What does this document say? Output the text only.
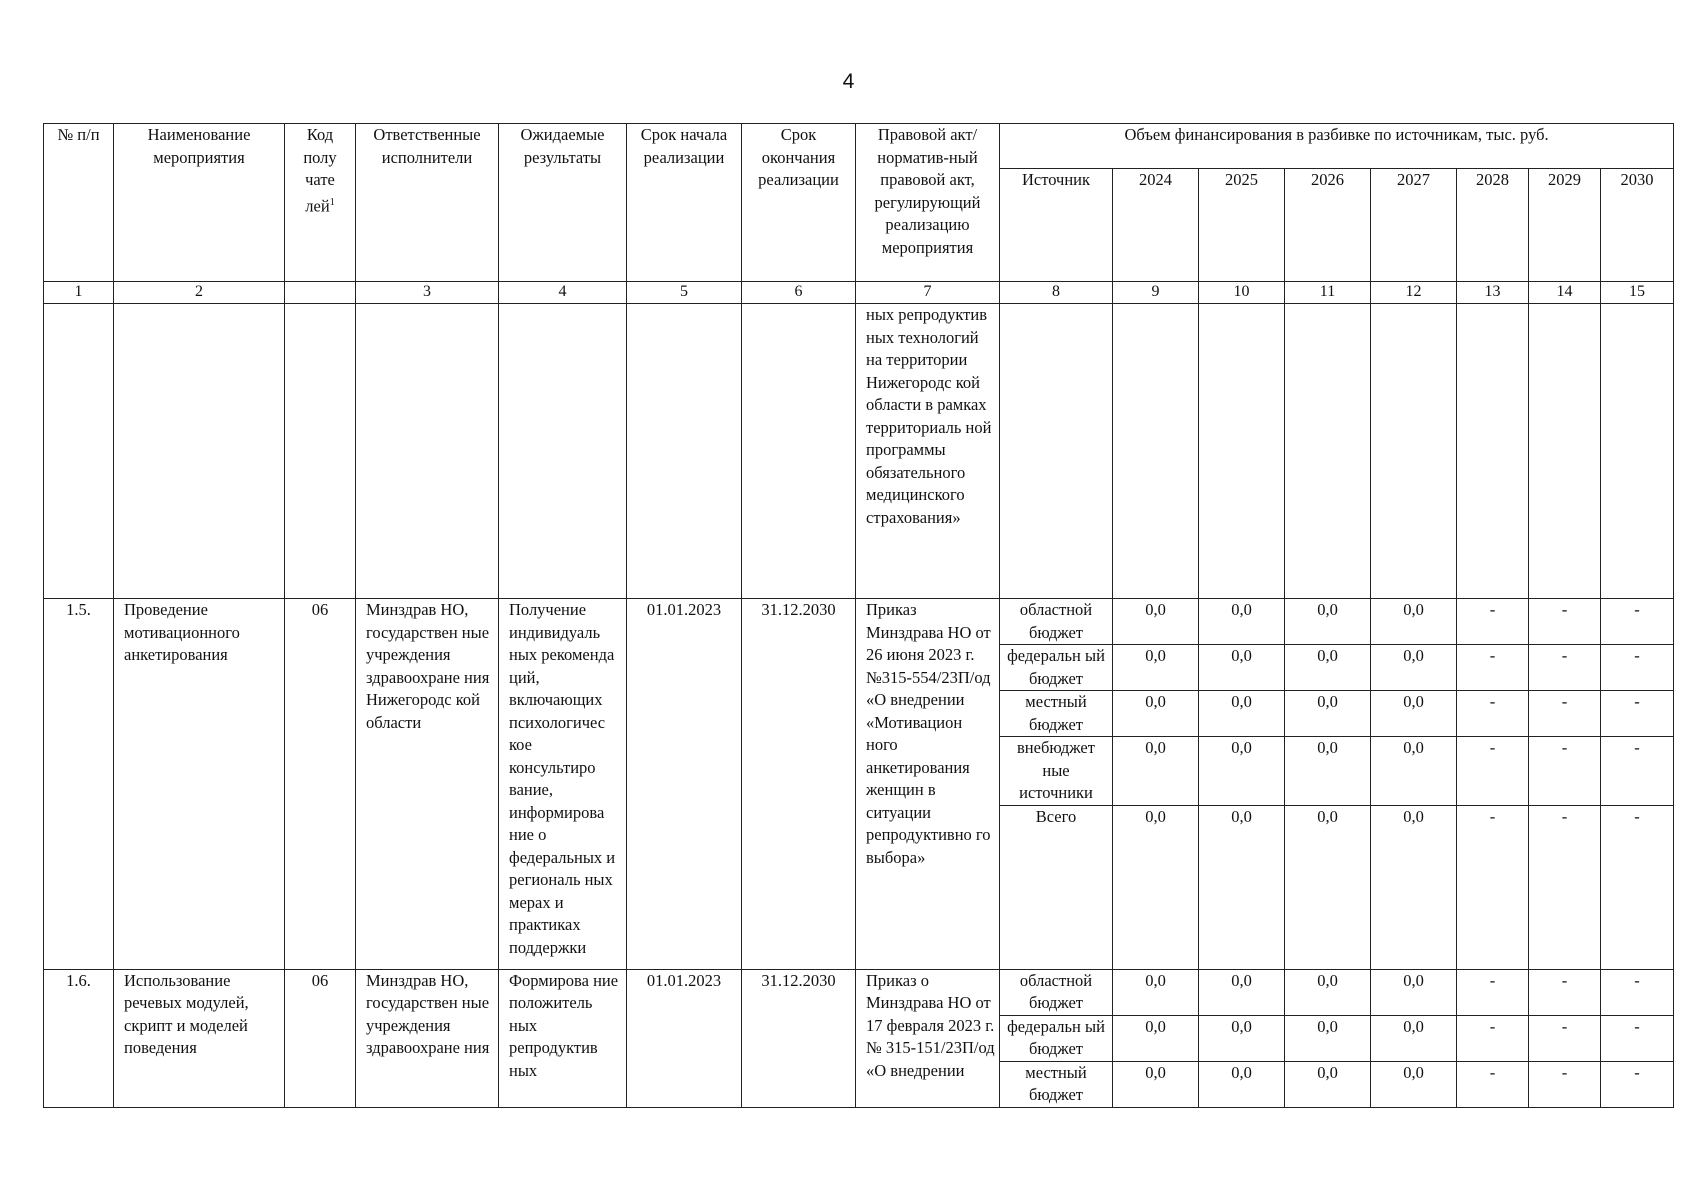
4
№ п/п	Наименование мероприятия	Код полу чате лей$^1$	Ответственные исполнители	Ожидаемые результаты	Срок начала реализации	Срок окончания реализации	Правовой акт/норматив-ный правовой акт, регулирующий реализацию мероприятия	Объем финансирования в разбивке по источникам, тыс. руб.							
								Источник	2024	2025	2026	2027	2028	2029	2030
1	2		3	4	5	6	7	8	9	10	11	12	13	14	15
							ных репродуктив ных технологий на территории Нижегородс кой области в рамках территориаль ной программы обязательного медицинского страхования»								
1.5.	Проведение мотивационного анкетирования	06	Минздрав НО, государствен ные учреждения здравоохране ния Нижегородс кой области	Получение индивидуаль ных рекоменда ций, включающих психологичес кое консультиро вание, информирова ние о федеральных и региональ ных мерах и практиках поддержки	01.01.2023	31.12.2030	Приказ Минздрава НО от 26 июня 2023 г. №315-554/23П/од «О внедрении «Мотивацион ного анкетирования женщин в ситуации репродуктивно го выбора»	областной бюджет	0,0	0,0	0,0	0,0	-	-	-
								федеральн ый бюджет	0,0	0,0	0,0	0,0	-	-	-
								местный бюджет	0,0	0,0	0,0	0,0	-	-	-
								внебюджет ные источники	0,0	0,0	0,0	0,0	-	-	-
								Всего	0,0	0,0	0,0	0,0	-	-	-
1.6.	Использование речевых модулей, скрипт и моделей поведения	06	Минздрав НО, государствен ные учреждения здравоохране ния	Формирова ние положитель ных репродуктив ных	01.01.2023	31.12.2030	Приказ о Минздрава НО от 17 февраля 2023 г. № 315-151/23П/од «О внедрении	областной бюджет	0,0	0,0	0,0	0,0	-	-	-
								федеральн ый бюджет	0,0	0,0	0,0	0,0	-	-	-
								местный бюджет	0,0	0,0	0,0	0,0	-	-	-
